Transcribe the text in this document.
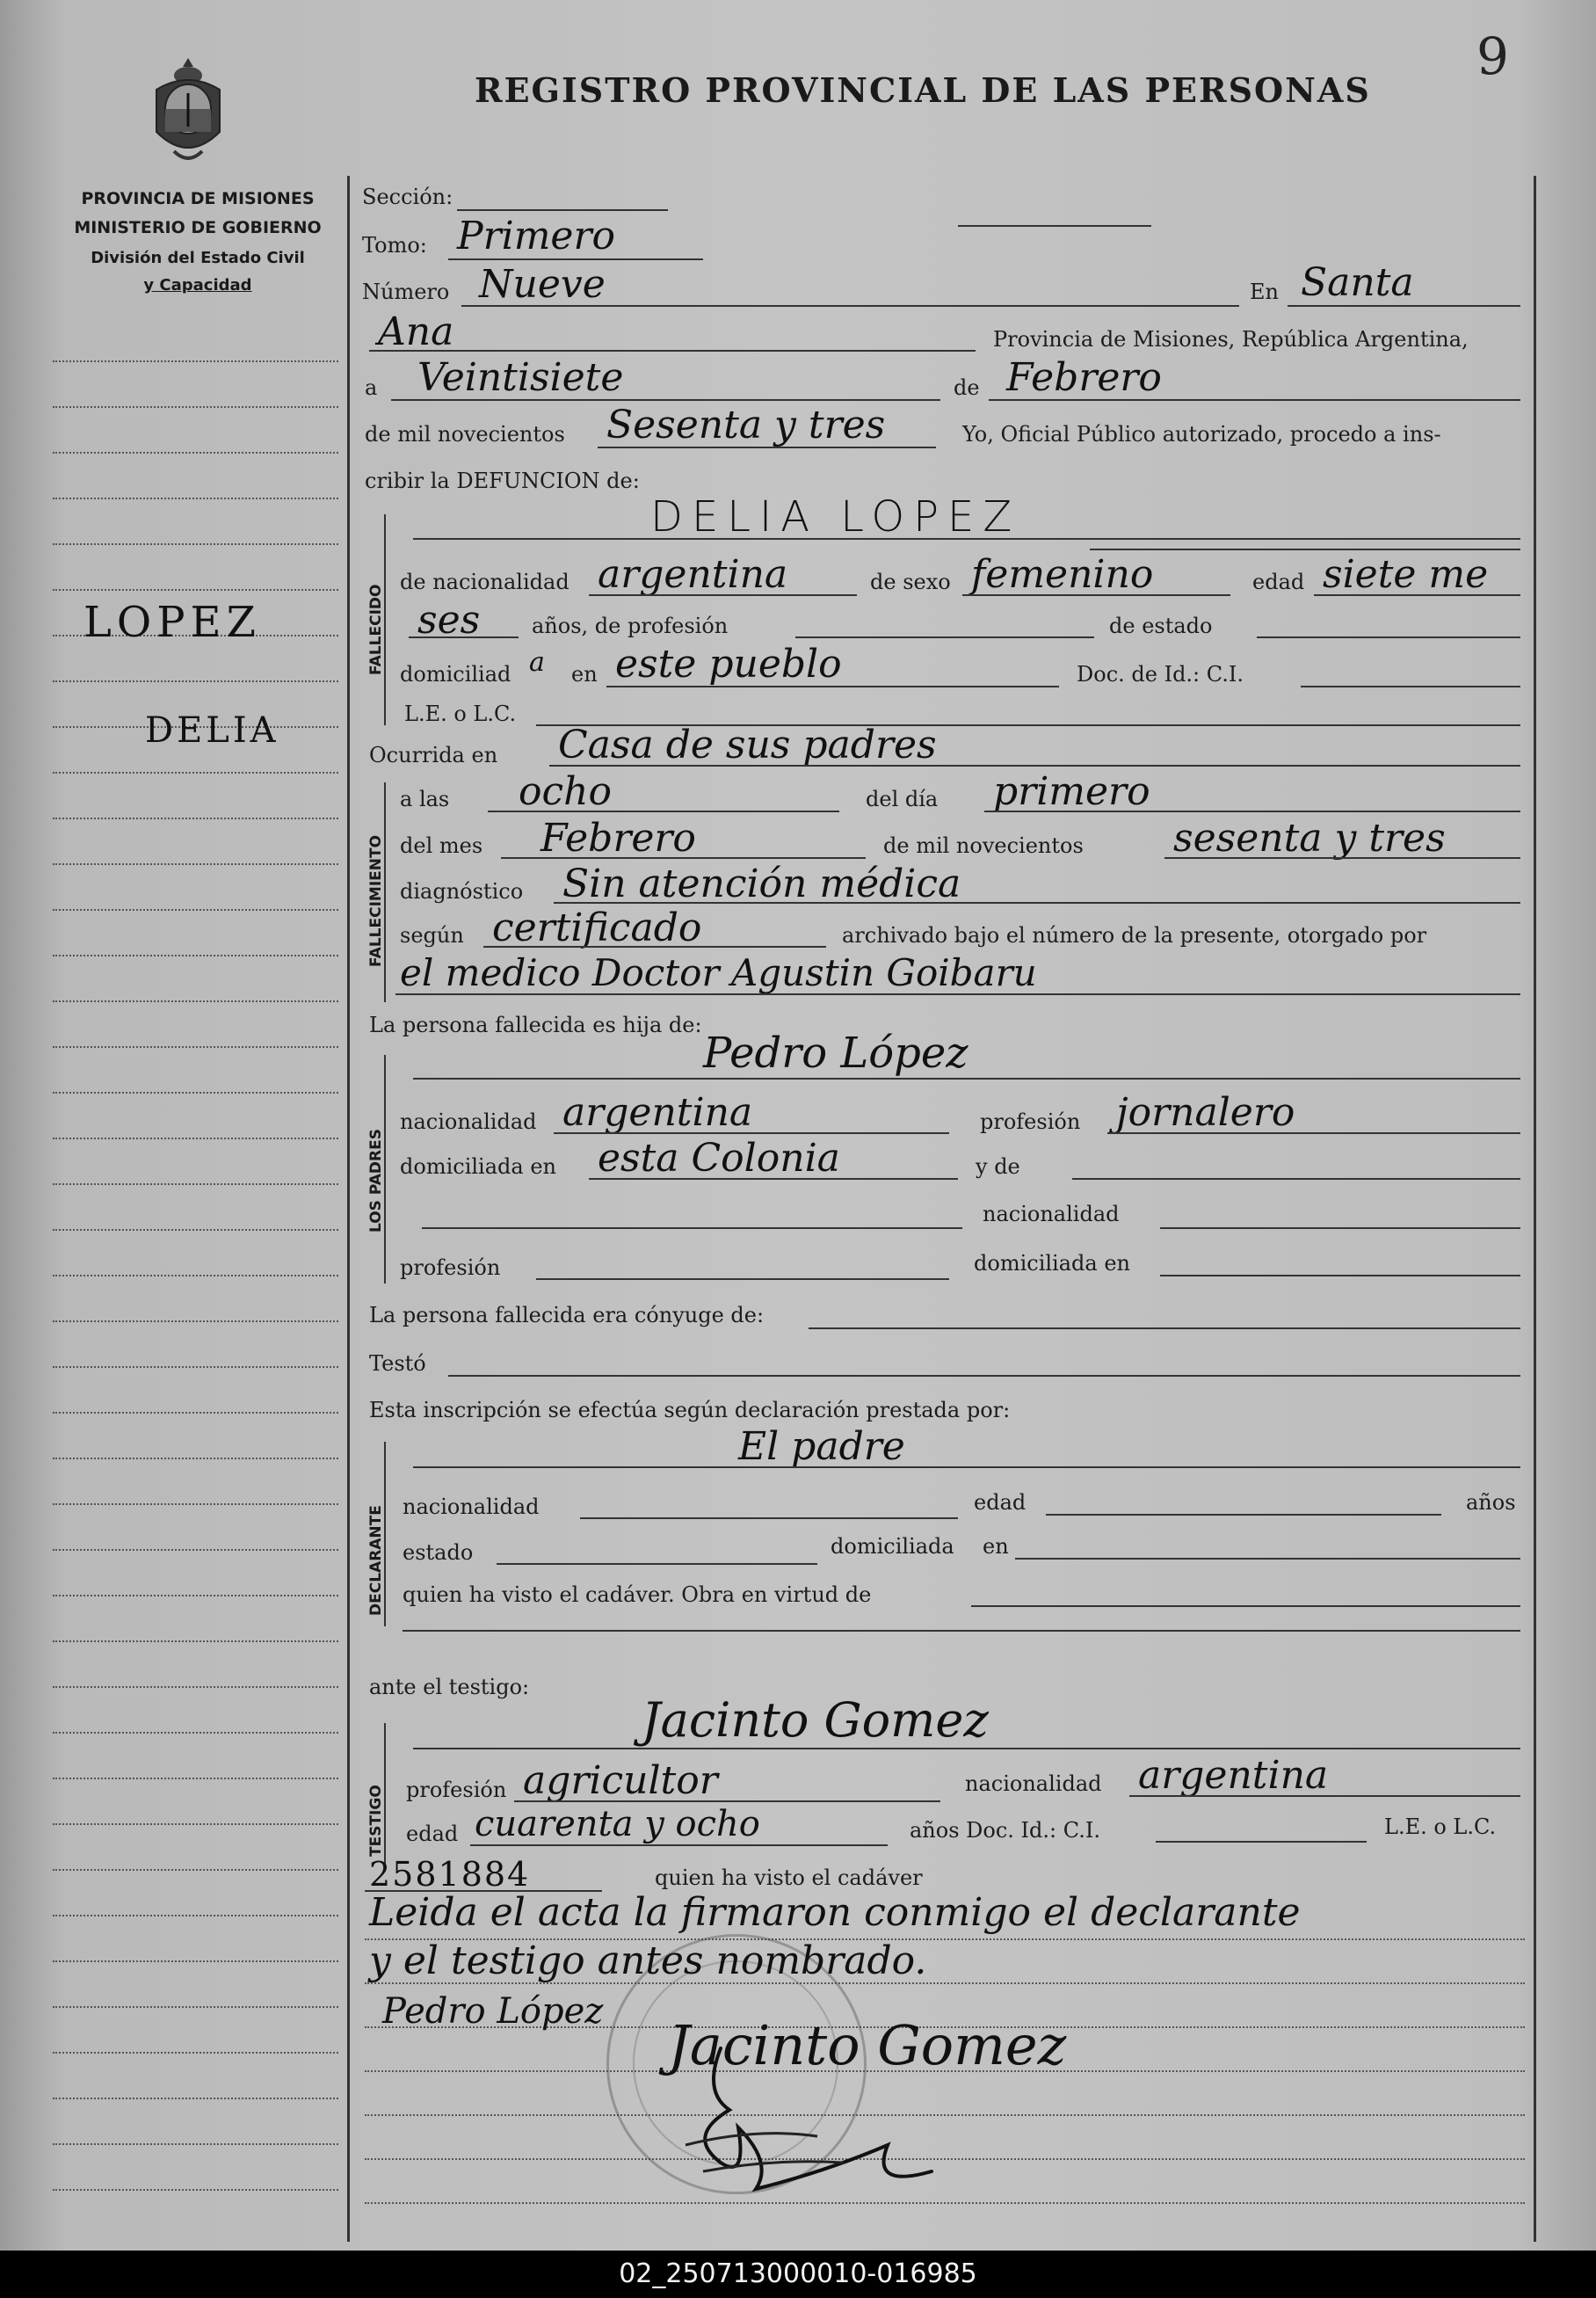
REGISTRO PROVINCIAL DE LAS PERSONAS
9
PROVINCIA DE MISIONES
MINISTERIO DE GOBIERNO
División del Estado Civil
y Capacidad
LOPEZ
DELIA
Sección:
Tomo: Primero
Número Nueve	En Santa
Ana	Provincia de Misiones, República Argentina,
a Veintisiete	de Febrero
de mil novecientos Sesenta y tres	Yo, Oficial Público autorizado, procedo a ins-
cribir la DEFUNCION de:
FALLECIDO
DELIA LOPEZ
de nacionalidad argentina	de sexo femenino	edad siete me
ses años, de profesión	de estado
domiciliad a en este pueblo	Doc. de Id.: C.I.
L.E. o L.C.
Ocurrida en Casa de sus padres
FALLECIMIENTO
a las ocho	del día primero
del mes Febrero	de mil novecientos sesenta y tres
diagnóstico Sin atención médica
según certificado	archivado bajo el número de la presente, otorgado por
el medico Doctor Agustin Goibaru
La persona fallecida es hija de:
LOS PADRES
Pedro López
nacionalidad argentina	profesión jornalero
domiciliada en esta Colonia	y de
nacionalidad
profesión	domiciliada en
La persona fallecida era cónyuge de:
Testó
Esta inscripción se efectúa según declaración prestada por:
DECLARANTE
El padre
nacionalidad	edad	años
estado	domiciliada en
quien ha visto el cadáver. Obra en virtud de
ante el testigo:
TESTIGO
Jacinto Gomez
profesión agricultor	nacionalidad argentina
edad cuarenta y ocho	años Doc. Id.: C.I.	L.E. o L.C.
2581884	quien ha visto el cadáver
Leida el acta la firmaron conmigo el declarante
y el testigo antes nombrado.
Pedro López
Jacinto Gomez
02_250713000010-016985
